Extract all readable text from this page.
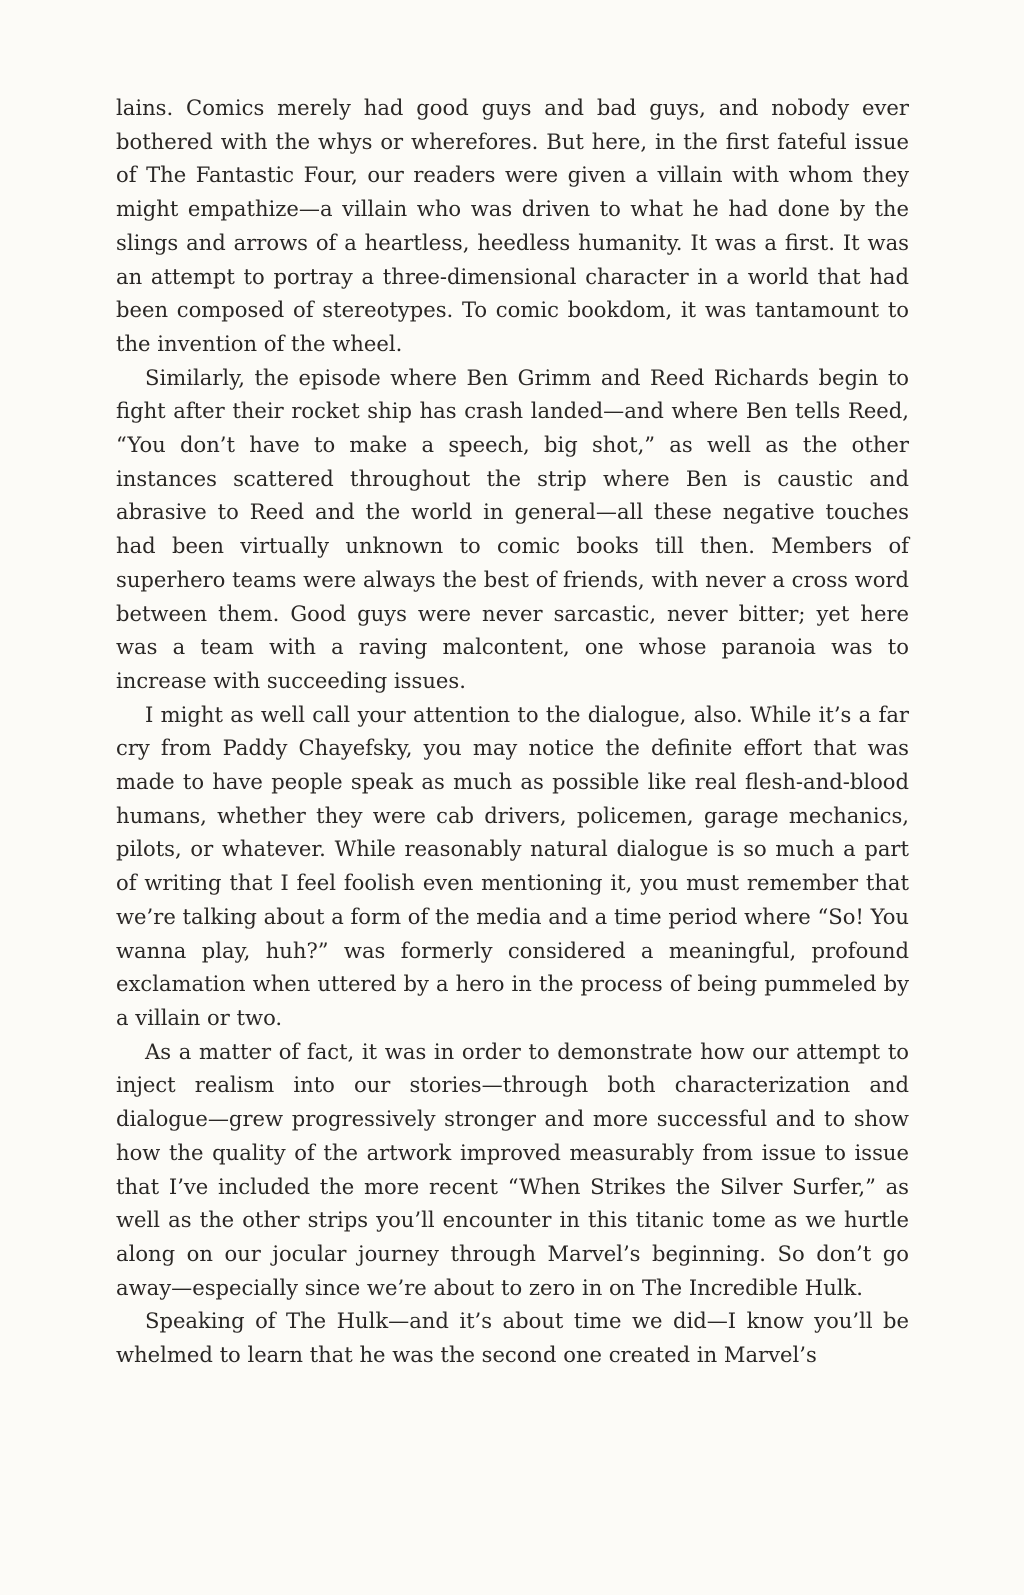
lains. Comics merely had good guys and bad guys, and nobody ever bothered with the whys or wherefores. But here, in the first fateful issue of The Fantastic Four, our readers were given a villain with whom they might empathize—a villain who was driven to what he had done by the slings and arrows of a heartless, heedless humanity. It was a first. It was an attempt to portray a three-dimensional character in a world that had been composed of stereotypes. To comic bookdom, it was tantamount to the invention of the wheel.

Similarly, the episode where Ben Grimm and Reed Richards begin to fight after their rocket ship has crash landed—and where Ben tells Reed, “You don’t have to make a speech, big shot,” as well as the other instances scattered throughout the strip where Ben is caustic and abrasive to Reed and the world in general—all these negative touches had been virtually unknown to comic books till then. Members of superhero teams were always the best of friends, with never a cross word between them. Good guys were never sarcastic, never bitter; yet here was a team with a raving malcontent, one whose paranoia was to increase with succeeding issues.

I might as well call your attention to the dialogue, also. While it’s a far cry from Paddy Chayefsky, you may notice the definite effort that was made to have people speak as much as possible like real flesh-and-blood humans, whether they were cab drivers, policemen, garage mechanics, pilots, or whatever. While reasonably natural dialogue is so much a part of writing that I feel foolish even mentioning it, you must remember that we’re talking about a form of the media and a time period where “So! You wanna play, huh?” was formerly considered a meaningful, profound exclamation when uttered by a hero in the process of being pummeled by a villain or two.

As a matter of fact, it was in order to demonstrate how our attempt to inject realism into our stories—through both characterization and dialogue—grew progressively stronger and more successful and to show how the quality of the artwork improved measurably from issue to issue that I’ve included the more recent “When Strikes the Silver Surfer,” as well as the other strips you’ll encounter in this titanic tome as we hurtle along on our jocular journey through Marvel’s beginning. So don’t go away—especially since we’re about to zero in on The Incredible Hulk.

Speaking of The Hulk—and it’s about time we did—I know you’ll be whelmed to learn that he was the second one created in Marvel’s
